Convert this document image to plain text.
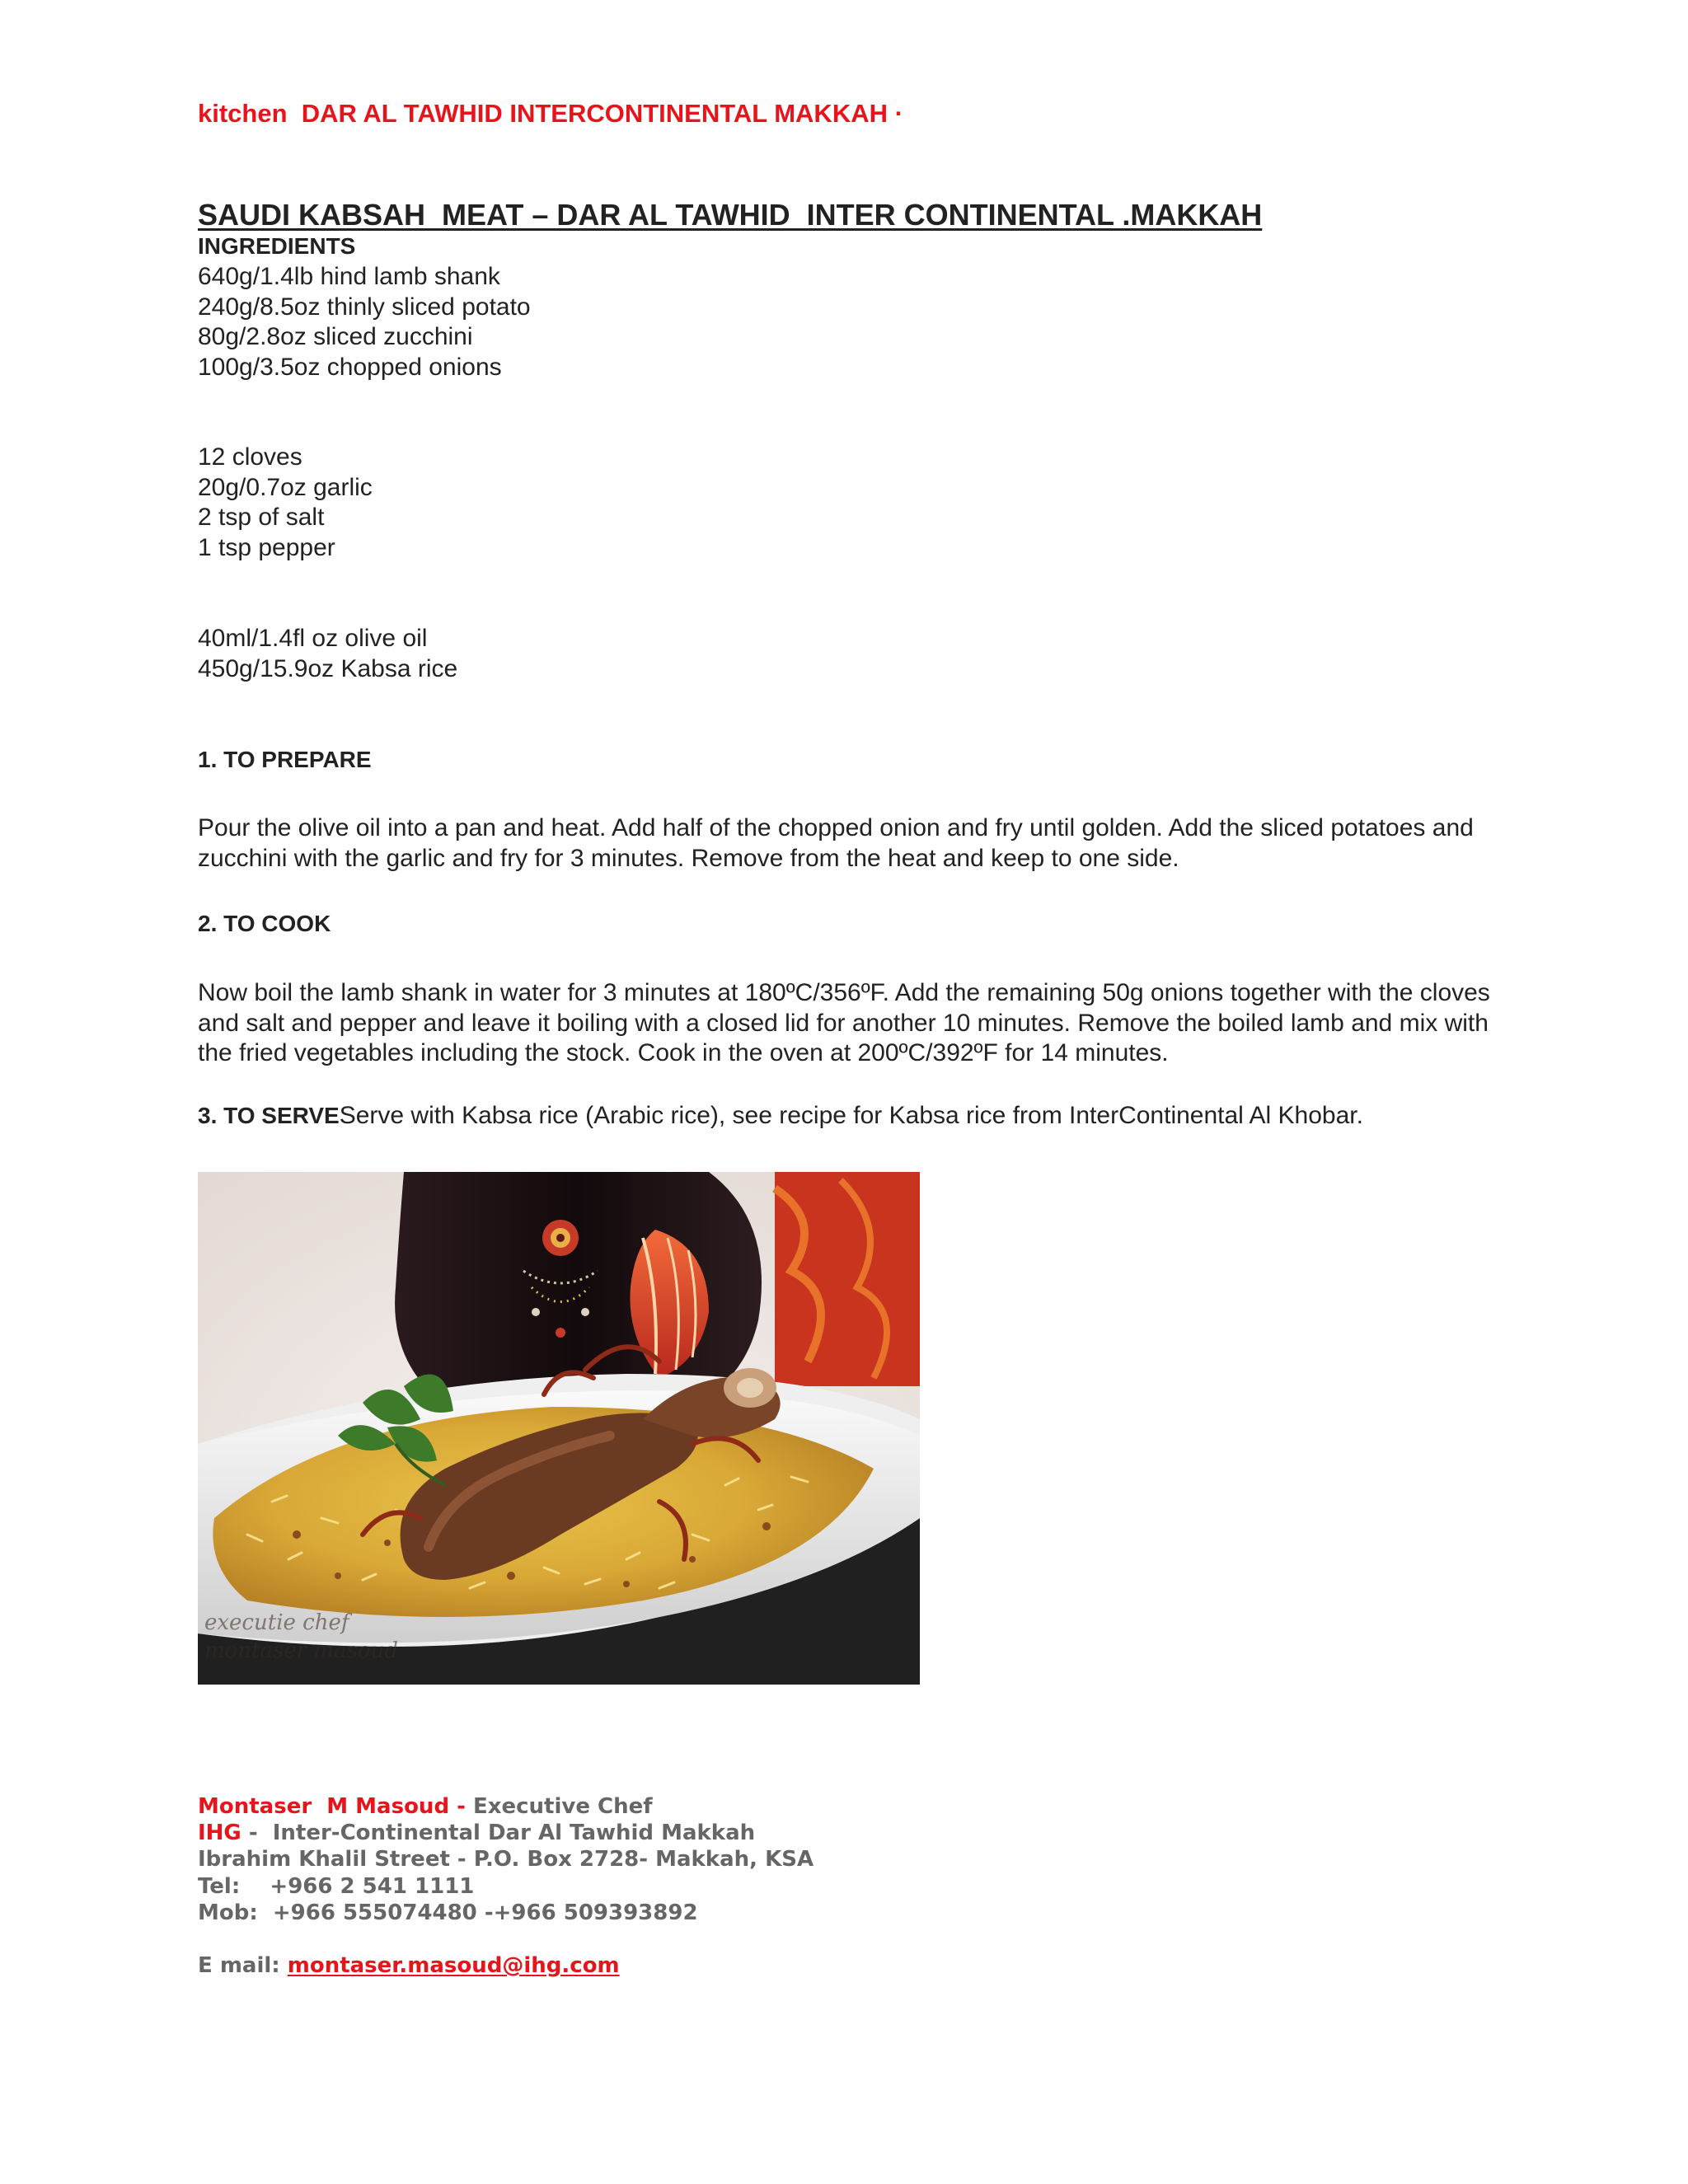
kitchen  DAR AL TAWHID INTERCONTINENTAL MAKKAH ·
SAUDI KABSAH  MEAT – DAR AL TAWHID  INTER CONTINENTAL .MAKKAH
INGREDIENTS
640g/1.4lb hind lamb shank
240g/8.5oz thinly sliced potato
80g/2.8oz sliced zucchini
100g/3.5oz chopped onions
12 cloves
20g/0.7oz garlic
2 tsp of salt
1 tsp pepper
40ml/1.4fl oz olive oil
450g/15.9oz Kabsa rice
1. TO PREPARE
Pour the olive oil into a pan and heat. Add half of the chopped onion and fry until golden. Add the sliced potatoes and zucchini with the garlic and fry for 3 minutes. Remove from the heat and keep to one side.
2. TO COOK
Now boil the lamb shank in water for 3 minutes at 180ºC/356ºF. Add the remaining 50g onions together with the cloves and salt and pepper and leave it boiling with a closed lid for another 10 minutes. Remove the boiled lamb and mix with the fried vegetables including the stock. Cook in the oven at 200ºC/392ºF for 14 minutes.
3. TO SERVEServe with Kabsa rice (Arabic rice), see recipe for Kabsa rice from InterContinental Al Khobar.
executie chef
montaser masoud
Montaser  M Masoud - Executive Chef
IHG -  Inter-Continental Dar Al Tawhid Makkah
Ibrahim Khalil Street - P.O. Box 2728- Makkah, KSA
Tel:    +966 2 541 1111
Mob:  +966 555074480 -+966 509393892
E mail: montaser.masoud@ihg.com
